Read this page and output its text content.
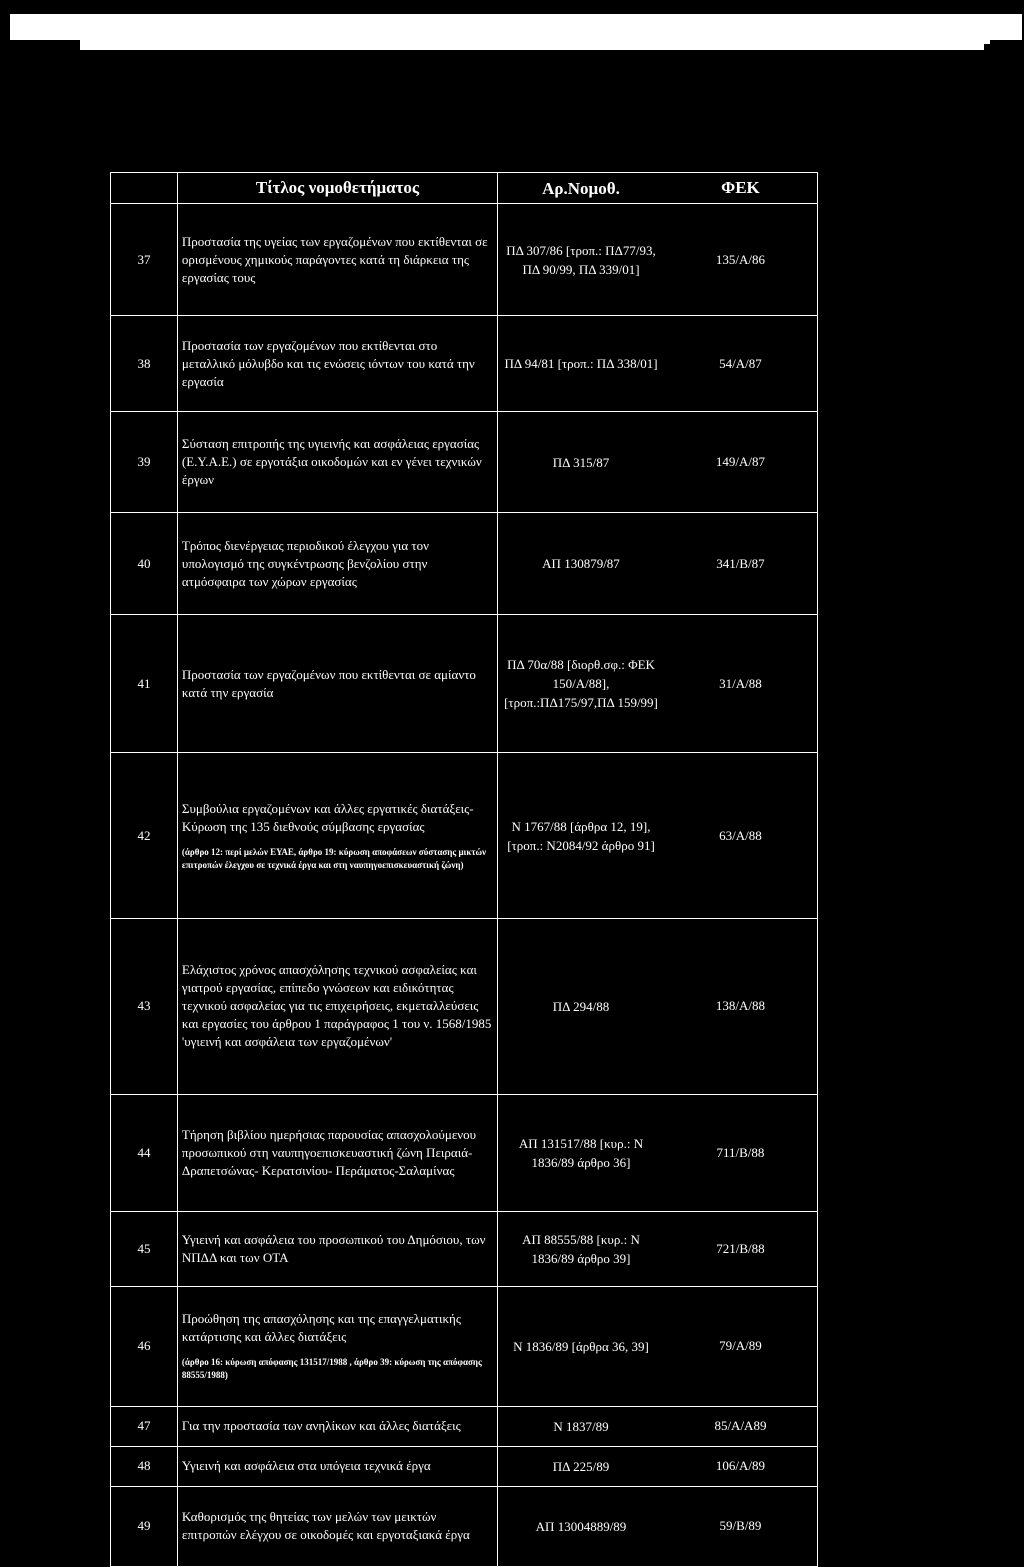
	Τίτλος νομοθετήματος	Αρ.Νομοθ.	ΦΕΚ
37	Προστασία της υγείας των εργαζομένων που εκτίθενται σε ορισμένους χημικούς παράγοντες κατά τη διάρκεια της εργασίας τους	ΠΔ 307/86 [τροπ.: ΠΔ77/93, ΠΔ 90/99, ΠΔ 339/01]	135/Α/86
38	Προστασία των εργαζομένων που εκτίθενται στο μεταλλικό μόλυβδο και τις ενώσεις ιόντων του κατά την εργασία	ΠΔ 94/81 [τροπ.: ΠΔ 338/01]	54/Α/87
39	Σύσταση επιτροπής της υγιεινής και ασφάλειας εργασίας (Ε.Υ.Α.Ε.) σε εργοτάξια οικοδομών και εν γένει τεχνικών έργων	ΠΔ 315/87	149/Α/87
40	Τρόπος διενέργειας περιοδικού έλεγχου για τον υπολογισμό της συγκέντρωσης βενζολίου στην ατμόσφαιρα των χώρων εργασίας	ΑΠ 130879/87	341/Β/87
41	Προστασία των εργαζομένων που εκτίθενται σε αμίαντο κατά την εργασία	ΠΔ 70α/88 [διορθ.σφ.: ΦΕΚ 150/Α/88], [τροπ.:ΠΔ175/97,ΠΔ 159/99]	31/Α/88
42	Συμβούλια εργαζομένων και άλλες εργατικές διατάξεις- Κύρωση της 135 διεθνούς σύμβασης εργασίας
(άρθρο 12: περί μελών ΕΥΑΕ, άρθρο 19: κύρωση αποφάσεων σύστασης μικτών επιτροπών έλεγχου σε τεχνικά έργα και στη ναυπηγοεπισκευαστική ζώνη)	Ν 1767/88 [άρθρα 12, 19], [τροπ.: Ν2084/92 άρθρο 91]	63/Α/88
43	Ελάχιστος χρόνος απασχόλησης τεχνικού ασφαλείας και γιατρού εργασίας, επίπεδο γνώσεων και ειδικότητας τεχνικού ασφαλείας για τις επιχειρήσεις, εκμεταλλεύσεις και εργασίες του άρθρου 1 παράγραφος 1 του ν. 1568/1985 'υγιεινή και ασφάλεια των εργαζομένων'	ΠΔ 294/88	138/Α/88
44	Τήρηση βιβλίου ημερήσιας παρουσίας απασχολούμενου προσωπικού στη ναυπηγοεπισκευαστική ζώνη Πειραιά-Δραπετσώνας- Κερατσινίου- Περάματος-Σαλαμίνας	ΑΠ 131517/88 [κυρ.: Ν 1836/89 άρθρο 36]	711/Β/88
45	Υγιεινή και ασφάλεια του προσωπικού του Δημόσιου, των ΝΠΔΔ και των ΟΤΑ	ΑΠ 88555/88 [κυρ.: Ν 1836/89 άρθρο 39]	721/Β/88
46	Προώθηση της απασχόλησης και της επαγγελματικής κατάρτισης και άλλες διατάξεις
(άρθρο 16: κύρωση απόφασης 131517/1988 , άρθρο 39: κύρωση της απόφασης 88555/1988)	Ν 1836/89 [άρθρα 36, 39]	79/Α/89
47	Για την προστασία των ανηλίκων και άλλες διατάξεις	Ν 1837/89	85/Α/Α89
48	Υγιεινή και ασφάλεια στα υπόγεια τεχνικά έργα	ΠΔ 225/89	106/Α/89
49	Καθορισμός της θητείας των μελών των μεικτών επιτροπών ελέγχου σε οικοδομές και εργοταξιακά έργα	ΑΠ 13004889/89	59/Β/89
